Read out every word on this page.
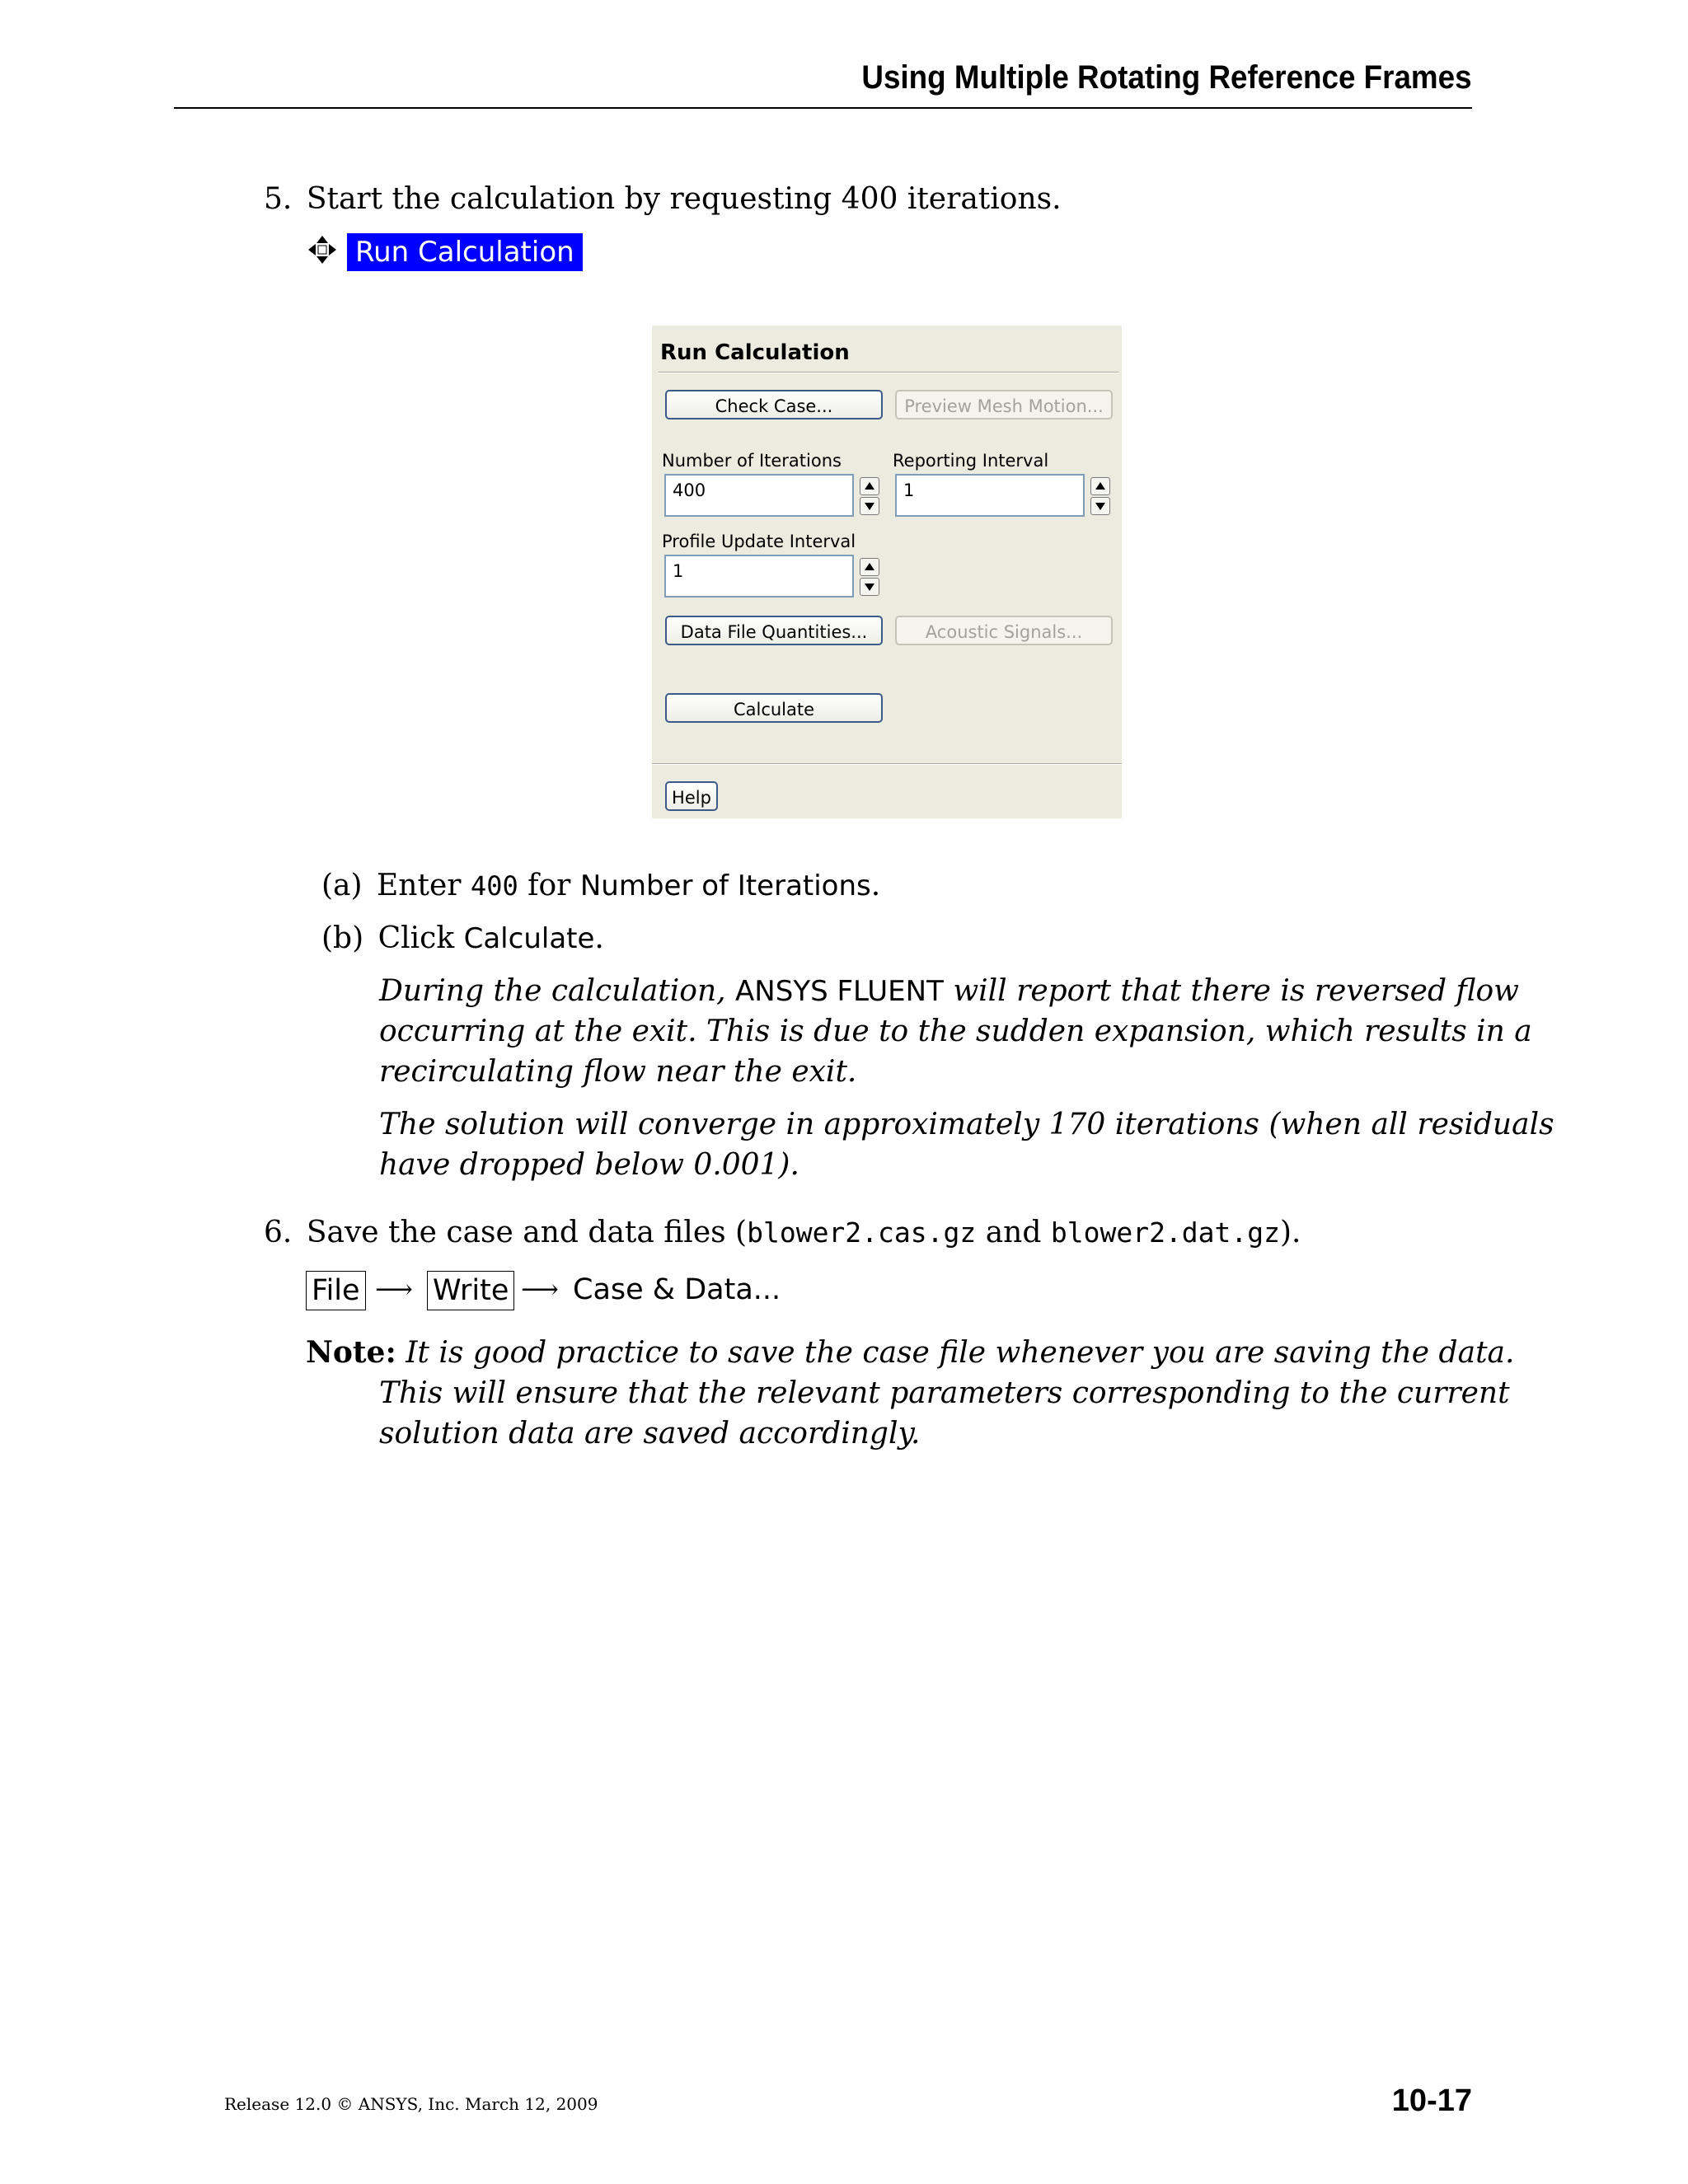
Using Multiple Rotating Reference Frames
5. Start the calculation by requesting 400 iterations.
Run Calculation
Run Calculation
Check Case...	Preview Mesh Motion...
Number of Iterations	Reporting Interval
400	1
Profile Update Interval
1
Data File Quantities...	Acoustic Signals...
Calculate
Help
(a) Enter 400 for Number of Iterations.
(b) Click Calculate.
During the calculation, ANSYS FLUENT will report that there is reversed flow
occurring at the exit. This is due to the sudden expansion, which results in a
recirculating flow near the exit.
The solution will converge in approximately 170 iterations (when all residuals
have dropped below 0.001).
6. Save the case and data files (blower2.cas.gz and blower2.dat.gz).
File ⟶ Write ⟶ Case & Data...
Note: It is good practice to save the case file whenever you are saving the data.
This will ensure that the relevant parameters corresponding to the current
solution data are saved accordingly.
Release 12.0 © ANSYS, Inc. March 12, 2009	10-17
